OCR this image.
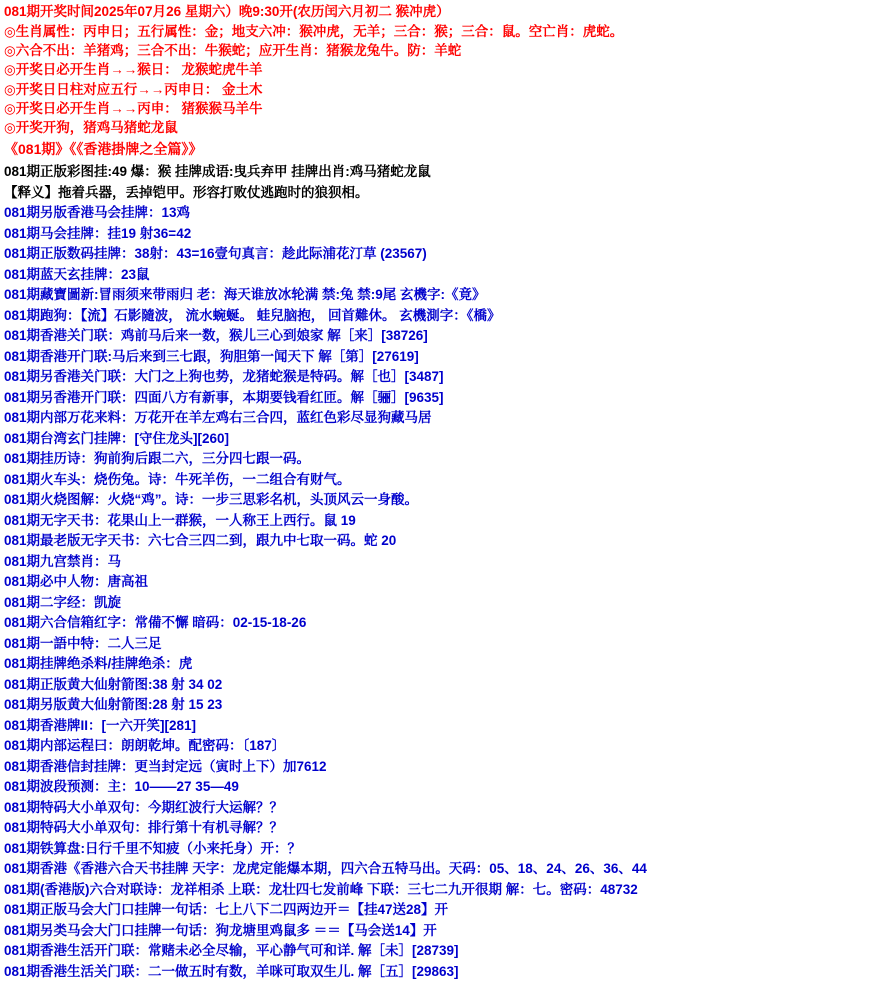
081期开奖时间2025年07月26 星期六）晚9:30开(农历闰六月初二 猴冲虎）
◎生肖属性：丙申日；五行属性：金；地支六冲：猴冲虎，无羊；三合：猴；三合：鼠。空亡肖：虎蛇。
◎六合不出：羊猪鸡；三合不出：牛猴蛇；应开生肖：猪猴龙兔牛。防：羊蛇
◎开奖日必开生肖→→猴日： 龙猴蛇虎牛羊
◎开奖日日柱对应五行→→丙申日： 金土木
◎开奖日必开生肖→→丙申： 猪猴猴马羊牛
◎开奖开狗，猪鸡马猪蛇龙鼠
《081期》《《香港掛牌之全篇》》
081期正版彩图挂:49 爆：猴 挂牌成语:曳兵弃甲 挂牌出肖:鸡马猪蛇龙鼠
【释义】拖着兵器，丢掉铠甲。形容打败仗逃跑时的狼狈相。
081期另版香港马会挂牌：13鸡
081期马会挂牌：挂19 射36=42
081期正版数码挂牌：38射：43=16壹句真言：趁此际浦花汀草 (23567)
081期蓝天玄挂牌：23鼠
081期藏寶圖新:冒雨须来带雨归 老：海天谁放冰轮满 禁:兔 禁:9尾 玄機字:《竟》
081期跑狗：【流】石影隨波， 流水蜿蜒。 蛙兒脑抱， 回首難休。 玄機測字：《橋》
081期香港关门联：鸡前马后来一数，猴儿三心到娘家 解［来］[38726]
081期香港开门联:马后来到三七跟，狗胆第一闻天下 解［第］[27619]
081期另香港关门联：大门之上狗也势，龙猪蛇猴是特码。解［也］[3487]
081期另香港开门联：四面八方有新事，本期要钱看红匝。解［骊］[9635]
081期内部万花来料：万花开在羊左鸡右三合四，蓝红色彩尽显狗藏马居
081期台湾玄门挂牌：[守住龙头][260]
081期挂历诗：狗前狗后跟二六，三分四七跟一码。
081期火车头：烧伤兔。诗：牛死羊伤，一二组合有财气。
081期火烧图解：火烧“鸡”。诗：一步三思彩名机，头顶风云一身酸。
081期无字天书：花果山上一群猴，一人称王上西行。鼠 19
081期最老版无字天书：六七合三四二到，跟九中七取一码。蛇 20
081期九宫禁肖：马
081期必中人物：唐高祖
081期二字经：凯旋
081期六合信箱红字：常備不懈 暗码：02-15-18-26
081期一語中特：二人三足
081期挂牌绝杀料/挂牌绝杀：虎
081期正版黄大仙射箭图:38 射 34 02
081期另版黄大仙射箭图:28 射 15 23
081期香港牌II：[一六开笑][281]
081期内部运程曰：朗朗乾坤。配密码：〔187〕
081期香港信封挂牌：更当封定远（寅时上下）加7612
081期波段预测：主：10——27 35—49
081期特码大小单双句：今期红波行大运解？？
081期特码大小单双句：排行第十有机寻解？？
081期铁算盘:日行千里不知疲（小来托身）开：？
081期香港《香港六合天书挂牌 天字：龙虎定能爆本期，四六合五特马出。天码：05、18、24、26、36、44
081期(香港版)六合对联诗：龙祥相杀 上联：龙壮四七发前峰 下联：三七二九开很期 解：七。密码：48732
081期正版马会大门口挂牌一句话：七上八下二四两边开＝【挂47送28】开
081期另类马会大门口挂牌一句话：狗龙塘里鸡鼠多 ＝＝【马会送14】开
081期香港生活开门联：常赌未必全尽输，平心静气可和详. 解［未］[28739]
081期香港生活关门联：二一做五时有数，羊咪可取双生儿. 解［五］[29863]
